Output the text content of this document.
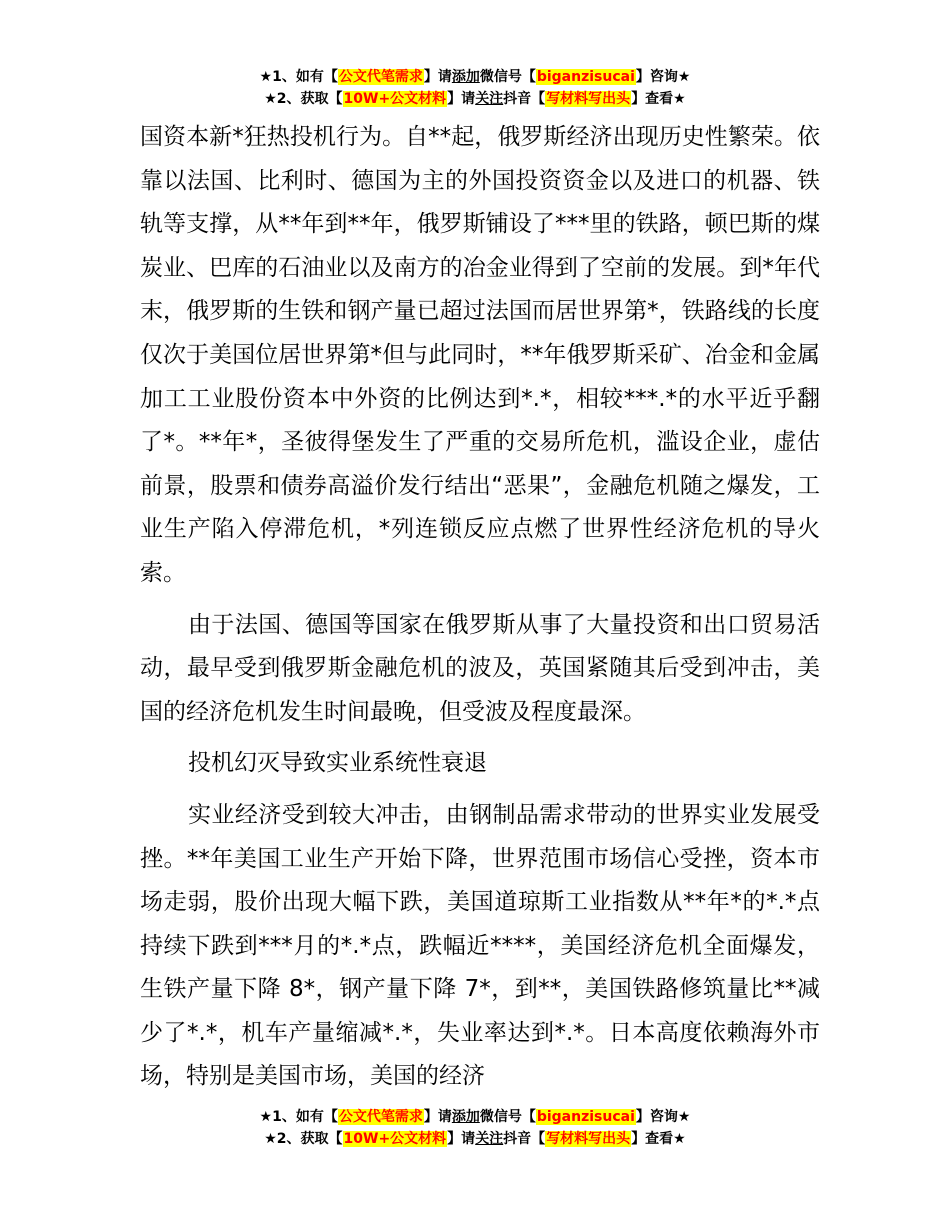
★1、如有【公文代笔需求】请添加微信号【biganzisucai】咨询★
★2、获取【10W+公文材料】请关注抖音【写材料写出头】查看★

国资本新*狂热投机行为。自**起，俄罗斯经济出现历史性繁荣。依靠以法国、比利时、德国为主的外国投资资金以及进口的机器、铁轨等支撑，从**年到**年，俄罗斯铺设了***里的铁路，顿巴斯的煤炭业、巴库的石油业以及南方的冶金业得到了空前的发展。到*年代末，俄罗斯的生铁和钢产量已超过法国而居世界第*，铁路线的长度仅次于美国位居世界第*但与此同时，**年俄罗斯采矿、冶金和金属加工工业股份资本中外资的比例达到*.*，相较***.*的水平近乎翻了*。**年*，圣彼得堡发生了严重的交易所危机，滥设企业，虚估前景，股票和债券高溢价发行结出“恶果”，金融危机随之爆发，工业生产陷入停滞危机，*列连锁反应点燃了世界性经济危机的导火索。

由于法国、德国等国家在俄罗斯从事了大量投资和出口贸易活动，最早受到俄罗斯金融危机的波及，英国紧随其后受到冲击，美国的经济危机发生时间最晚，但受波及程度最深。

投机幻灭导致实业系统性衰退

实业经济受到较大冲击，由钢制品需求带动的世界实业发展受挫。**年美国工业生产开始下降，世界范围市场信心受挫，资本市场走弱，股价出现大幅下跌，美国道琼斯工业指数从**年*的*.*点持续下跌到***月的*.*点，跌幅近****，美国经济危机全面爆发，生铁产量下降 8*，钢产量下降 7*，到**，美国铁路修筑量比**减少了*.*，机车产量缩减*.*，失业率达到*.*。日本高度依赖海外市场，特别是美国市场，美国的经济

★1、如有【公文代笔需求】请添加微信号【biganzisucai】咨询★
★2、获取【10W+公文材料】请关注抖音【写材料写出头】查看★
